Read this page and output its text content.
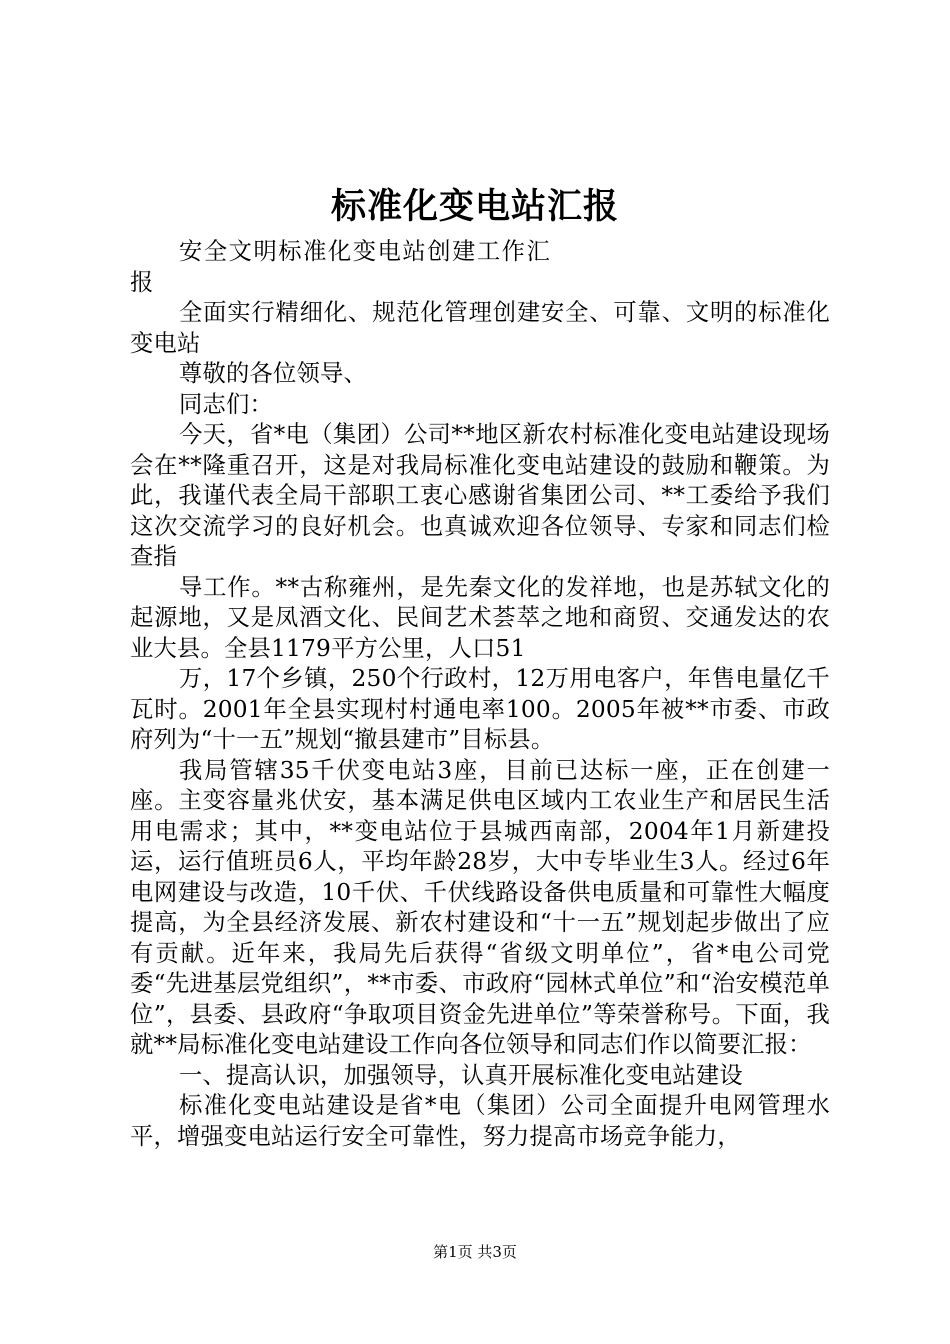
标准化变电站汇报

安全文明标准化变电站创建工作汇报

全面实行精细化、规范化管理创建安全、可靠、文明的标准化变电站

尊敬的各位领导、

同志们：

今天，省*电（集团）公司**地区新农村标准化变电站建设现场会在**隆重召开，这是对我局标准化变电站建设的鼓励和鞭策。为此，我谨代表全局干部职工衷心感谢省集团公司、**工委给予我们这次交流学习的良好机会。也真诚欢迎各位领导、专家和同志们检查指

导工作。**古称雍州，是先秦文化的发祥地，也是苏轼文化的起源地，又是凤酒文化、民间艺术荟萃之地和商贸、交通发达的农业大县。全县1179平方公里，人口51

万，17个乡镇，250个行政村，12万用电客户，年售电量亿千瓦时。2001年全县实现村村通电率100。2005年被**市委、市政府列为“十一五”规划“撤县建市”目标县。

我局管辖35千伏变电站3座，目前已达标一座，正在创建一座。主变容量兆伏安，基本满足供电区域内工农业生产和居民生活用电需求；其中，**变电站位于县城西南部，2004年1月新建投运，运行值班员6人，平均年龄28岁，大中专毕业生3人。经过6年电网建设与改造，10千伏、千伏线路设备供电质量和可靠性大幅度提高，为全县经济发展、新农村建设和“十一五”规划起步做出了应有贡献。近年来，我局先后获得“省级文明单位”，省*电公司党委“先进基层党组织”，**市委、市政府“园林式单位”和“治安模范单位”，县委、县政府“争取项目资金先进单位”等荣誉称号。下面，我就**局标准化变电站建设工作向各位领导和同志们作以简要汇报：

一、提高认识，加强领导，认真开展标准化变电站建设

标准化变电站建设是省*电（集团）公司全面提升电网管理水平，增强变电站运行安全可靠性，努力提高市场竞争能力，

第1页 共3页
